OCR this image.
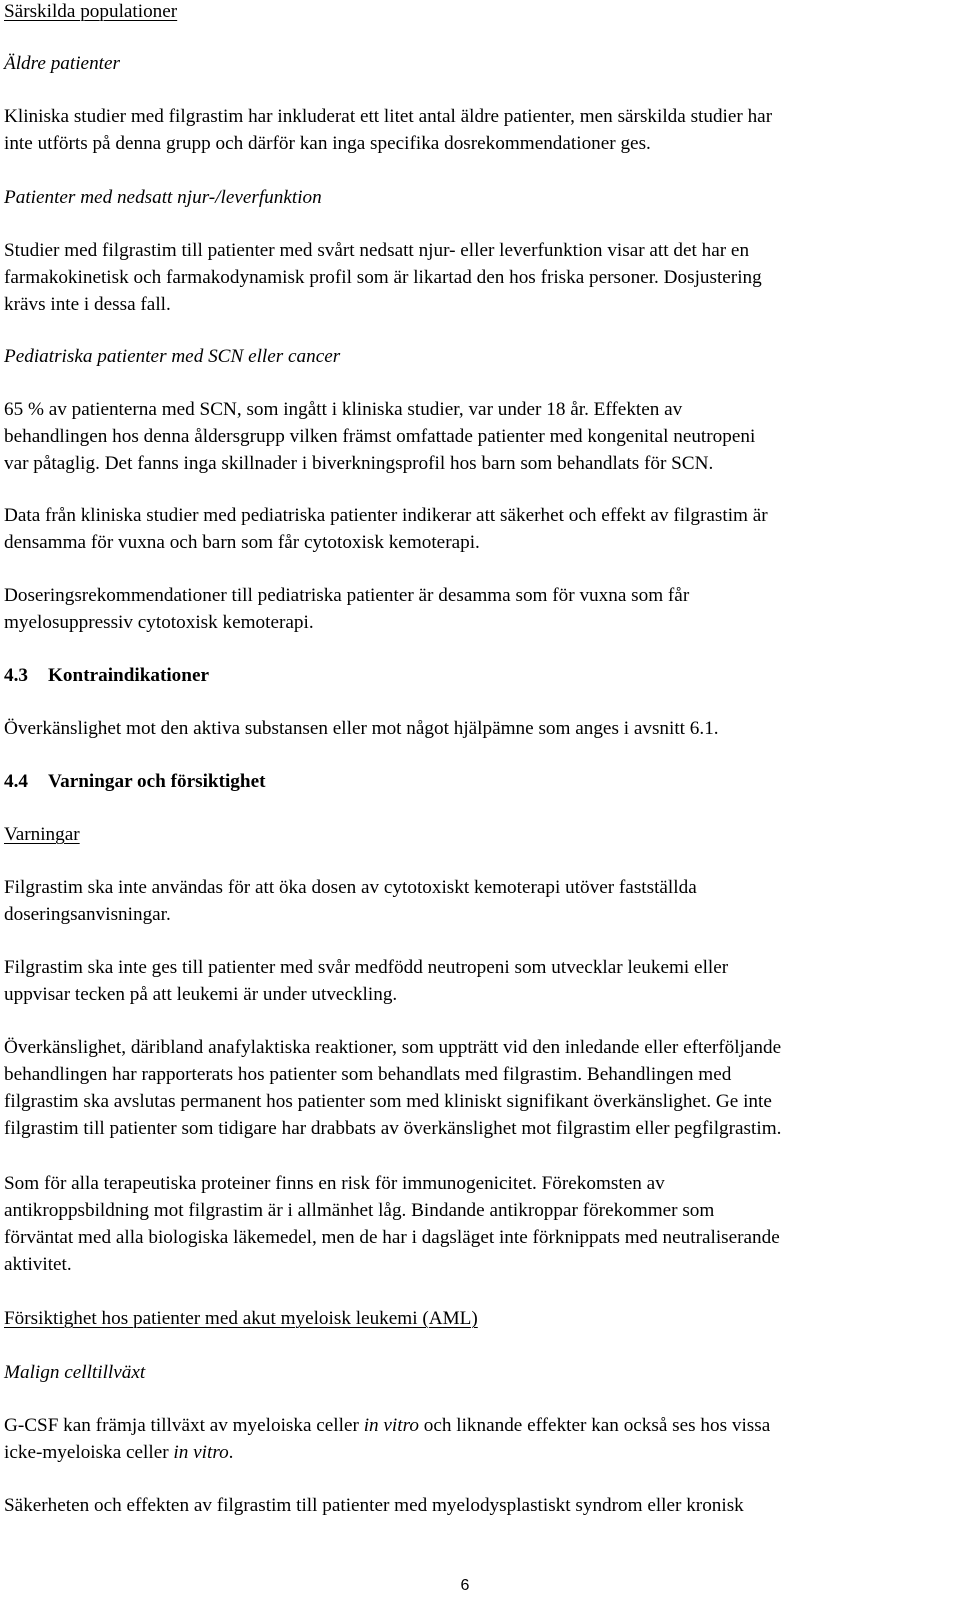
Särskilda populationer

Äldre patienter

Kliniska studier med filgrastim har inkluderat ett litet antal äldre patienter, men särskilda studier har

inte utförts på denna grupp och därför kan inga specifika dosrekommendationer ges.

Patienter med nedsatt njur-/leverfunktion

Studier med filgrastim till patienter med svårt nedsatt njur- eller leverfunktion visar att det har en

farmakokinetisk och farmakodynamisk profil som är likartad den hos friska personer. Dosjustering

krävs inte i dessa fall.

Pediatriska patienter med SCN eller cancer

65 % av patienterna med SCN, som ingått i kliniska studier, var under 18 år. Effekten av

behandlingen hos denna åldersgrupp vilken främst omfattade patienter med kongenital neutropeni

var påtaglig. Det fanns inga skillnader i biverkningsprofil hos barn som behandlats för SCN.

Data från kliniska studier med pediatriska patienter indikerar att säkerhet och effekt av filgrastim är

densamma för vuxna och barn som får cytotoxisk kemoterapi.

Doseringsrekommendationer till pediatriska patienter är desamma som för vuxna som får

myelosuppressiv cytotoxisk kemoterapi.

4.3 Kontraindikationer

Överkänslighet mot den aktiva substansen eller mot något hjälpämne som anges i avsnitt 6.1.

4.4 Varningar och försiktighet

Varningar

Filgrastim ska inte användas för att öka dosen av cytotoxiskt kemoterapi utöver fastställda

doseringsanvisningar.

Filgrastim ska inte ges till patienter med svår medfödd neutropeni som utvecklar leukemi eller

uppvisar tecken på att leukemi är under utveckling.

Överkänslighet, däribland anafylaktiska reaktioner, som uppträtt vid den inledande eller efterföljande

behandlingen har rapporterats hos patienter som behandlats med filgrastim. Behandlingen med

filgrastim ska avslutas permanent hos patienter som med kliniskt signifikant överkänslighet. Ge inte

filgrastim till patienter som tidigare har drabbats av överkänslighet mot filgrastim eller pegfilgrastim.

Som för alla terapeutiska proteiner finns en risk för immunogenicitet. Förekomsten av

antikroppsbildning mot filgrastim är i allmänhet låg. Bindande antikroppar förekommer som

förväntat med alla biologiska läkemedel, men de har i dagsläget inte förknippats med neutraliserande

aktivitet.

Försiktighet hos patienter med akut myeloisk leukemi (AML)

Malign celltillväxt

G-CSF kan främja tillväxt av myeloiska celler in vitro och liknande effekter kan också ses hos vissa

icke-myeloiska celler in vitro.

Säkerheten och effekten av filgrastim till patienter med myelodysplastiskt syndrom eller kronisk

6
